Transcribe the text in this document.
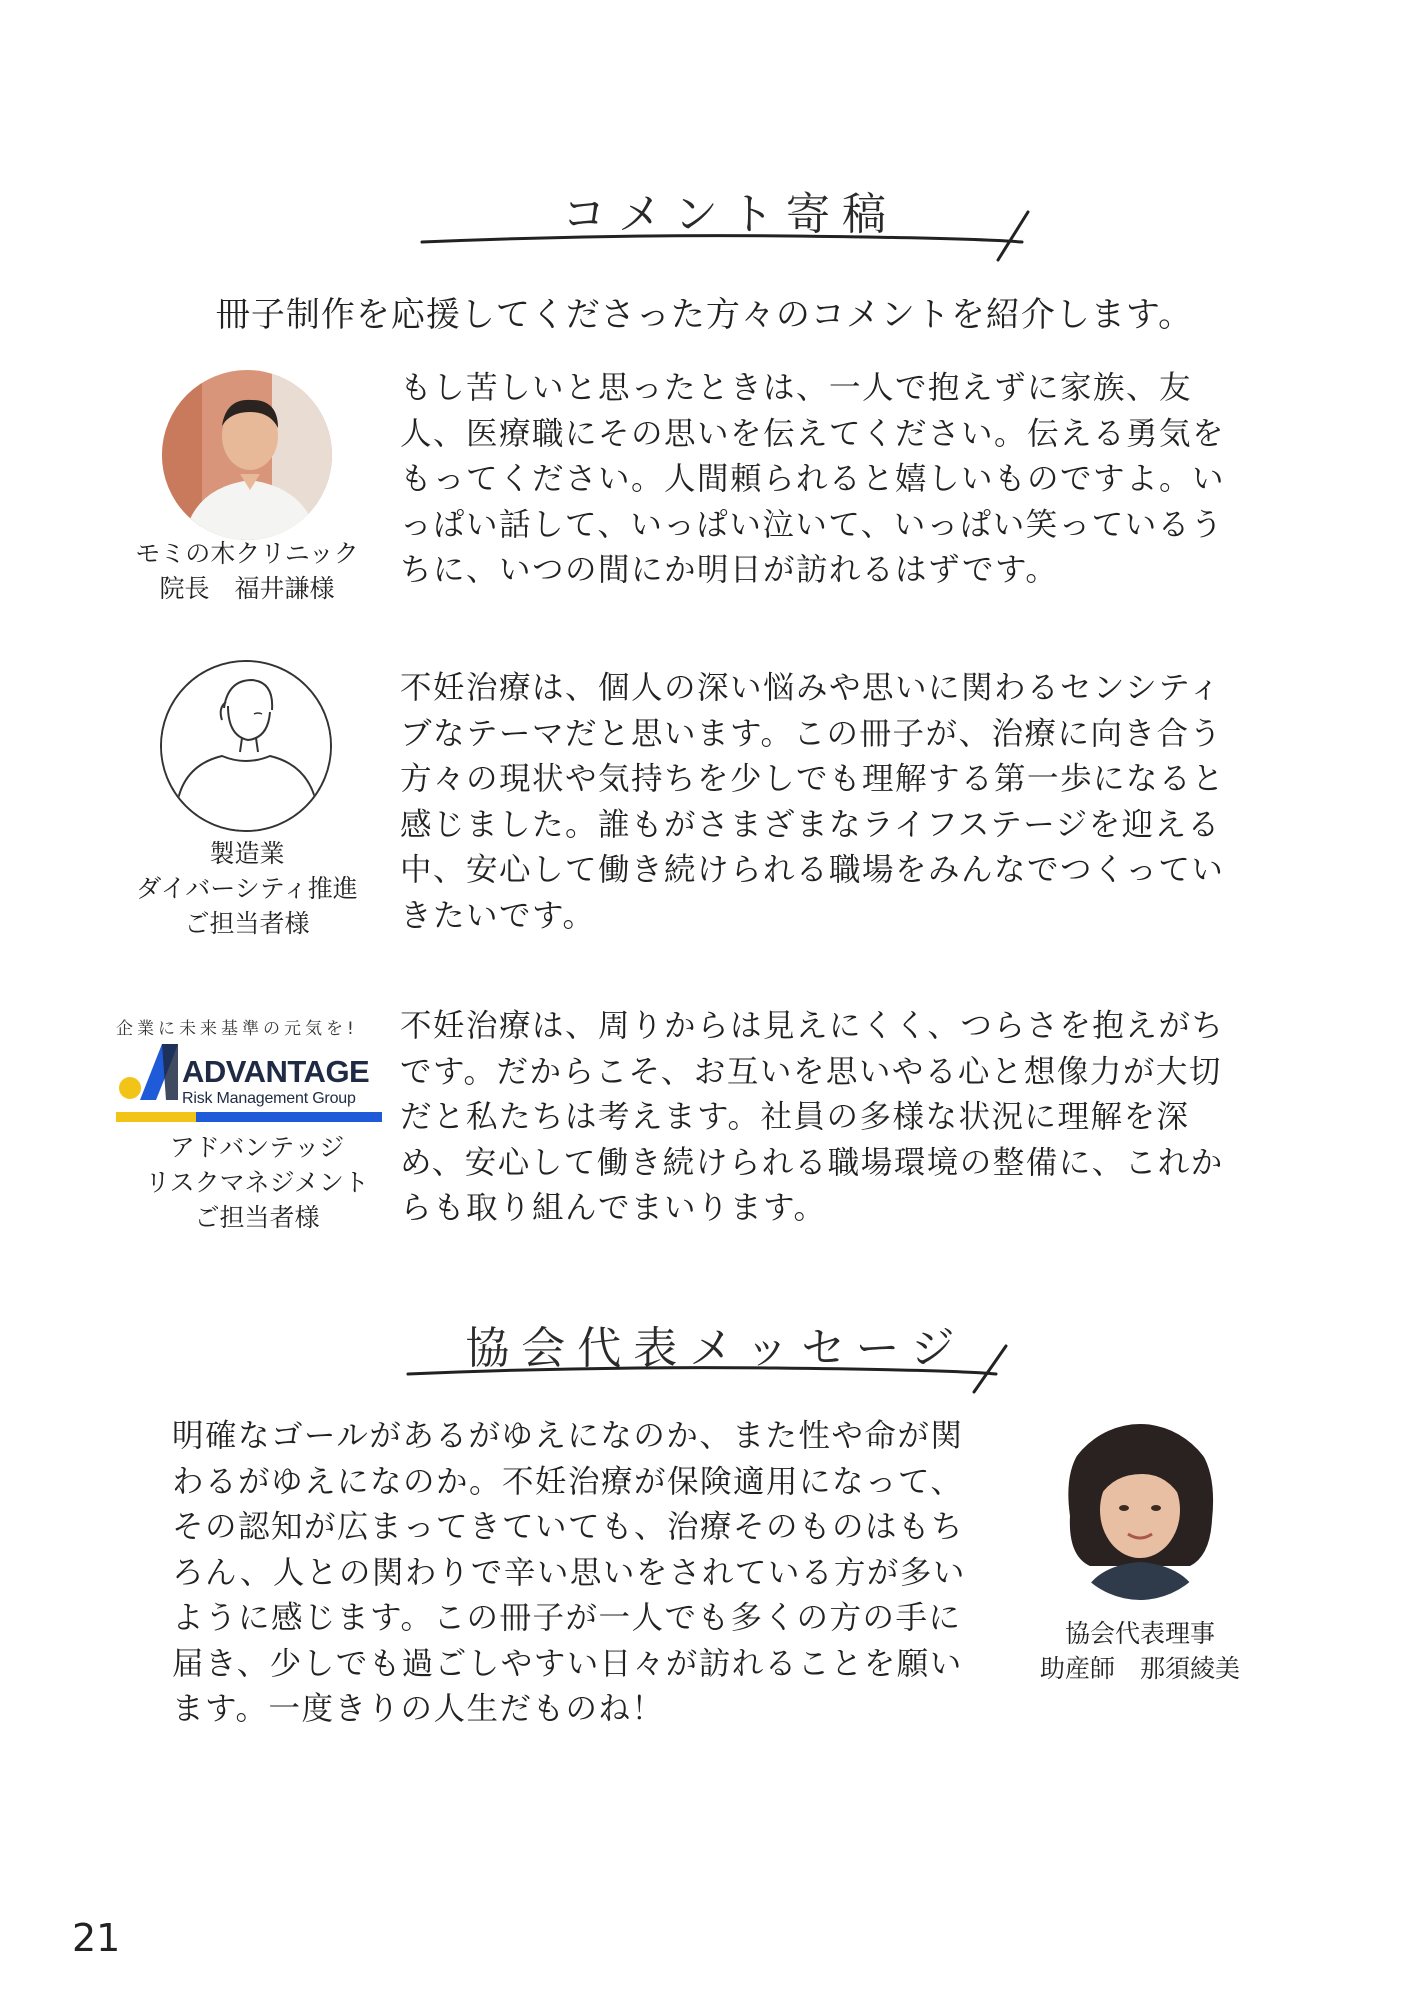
コメント寄稿
冊子制作を応援してくださった方々のコメントを紹介します。
モミの木クリニック
院長　福井謙様
もし苦しいと思ったときは、一人で抱えずに家族、友
人、医療職にその思いを伝えてください。伝える勇気を
もってください。人間頼られると嬉しいものですよ。い
っぱい話して、いっぱい泣いて、いっぱい笑っているう
ちに、いつの間にか明日が訪れるはずです。
製造業
ダイバーシティ推進
ご担当者様
不妊治療は、個人の深い悩みや思いに関わるセンシティ
ブなテーマだと思います。この冊子が、治療に向き合う
方々の現状や気持ちを少しでも理解する第一歩になると
感じました。誰もがさまざまなライフステージを迎える
中、安心して働き続けられる職場をみんなでつくってい
きたいです。
企業に未来基準の元気を!
ADVANTAGE
Risk Management Group
アドバンテッジ
リスクマネジメント
ご担当者様
不妊治療は、周りからは見えにくく、つらさを抱えがち
です。だからこそ、お互いを思いやる心と想像力が大切
だと私たちは考えます。社員の多様な状況に理解を深
め、安心して働き続けられる職場環境の整備に、これか
らも取り組んでまいります。
協会代表メッセージ
明確なゴールがあるがゆえになのか、また性や命が関
わるがゆえになのか。不妊治療が保険適用になって、
その認知が広まってきていても、治療そのものはもち
ろん、人との関わりで辛い思いをされている方が多い
ように感じます。この冊子が一人でも多くの方の手に
届き、少しでも過ごしやすい日々が訪れることを願い
ます。一度きりの人生だものね！
協会代表理事
助産師　那須綾美
21
